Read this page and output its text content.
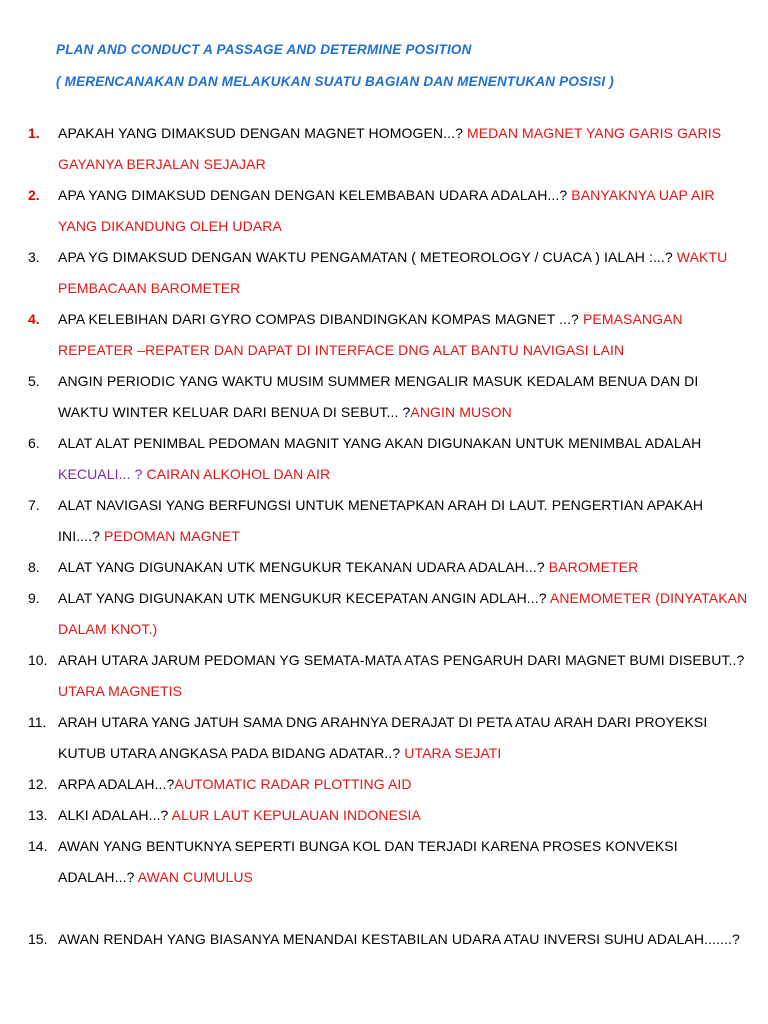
PLAN AND CONDUCT A PASSAGE AND DETERMINE POSITION
( MERENCANAKAN DAN MELAKUKAN SUATU BAGIAN DAN MENENTUKAN POSISI )
1. APAKAH YANG DIMAKSUD DENGAN MAGNET HOMOGEN...? MEDAN MAGNET YANG GARIS GARIS GAYANYA BERJALAN SEJAJAR
2. APA YANG DIMAKSUD DENGAN DENGAN KELEMBABAN UDARA ADALAH...? BANYAKNYA UAP AIR YANG DIKANDUNG OLEH UDARA
3. APA YG DIMAKSUD DENGAN WAKTU PENGAMATAN ( METEOROLOGY / CUACA ) IALAH :...? WAKTU PEMBACAAN BAROMETER
4. APA KELEBIHAN DARI GYRO COMPAS DIBANDINGKAN KOMPAS MAGNET ...? PEMASANGAN REPEATER –REPATER DAN DAPAT DI INTERFACE DNG ALAT BANTU NAVIGASI LAIN
5. ANGIN PERIODIC YANG WAKTU MUSIM SUMMER MENGALIR MASUK KEDALAM BENUA DAN DI WAKTU WINTER KELUAR DARI BENUA DI SEBUT... ?ANGIN MUSON
6. ALAT ALAT PENIMBAL PEDOMAN MAGNIT YANG AKAN DIGUNAKAN UNTUK MENIMBAL ADALAH KECUALI... ? CAIRAN ALKOHOL DAN AIR
7. ALAT NAVIGASI YANG BERFUNGSI UNTUK MENETAPKAN ARAH DI LAUT. PENGERTIAN APAKAH INI....? PEDOMAN MAGNET
8. ALAT YANG DIGUNAKAN UTK MENGUKUR TEKANAN UDARA ADALAH...? BAROMETER
9. ALAT YANG DIGUNAKAN UTK MENGUKUR KECEPATAN ANGIN ADLAH...? ANEMOMETER (DINYATAKAN DALAM KNOT.)
10. ARAH UTARA JARUM PEDOMAN YG SEMATA-MATA ATAS PENGARUH DARI MAGNET BUMI DISEBUT..? UTARA MAGNETIS
11. ARAH UTARA YANG JATUH SAMA DNG ARAHNYA DERAJAT DI PETA ATAU ARAH DARI PROYEKSI KUTUB UTARA ANGKASA PADA BIDANG ADATAR..? UTARA SEJATI
12. ARPA ADALAH...?AUTOMATIC RADAR PLOTTING AID
13. ALKI ADALAH...? ALUR LAUT KEPULAUAN INDONESIA
14. AWAN YANG BENTUKNYA SEPERTI BUNGA KOL DAN TERJADI KARENA PROSES KONVEKSI ADALAH...? AWAN CUMULUS
15. AWAN RENDAH YANG BIASANYA MENANDAI KESTABILAN UDARA ATAU INVERSI SUHU ADALAH.......?
